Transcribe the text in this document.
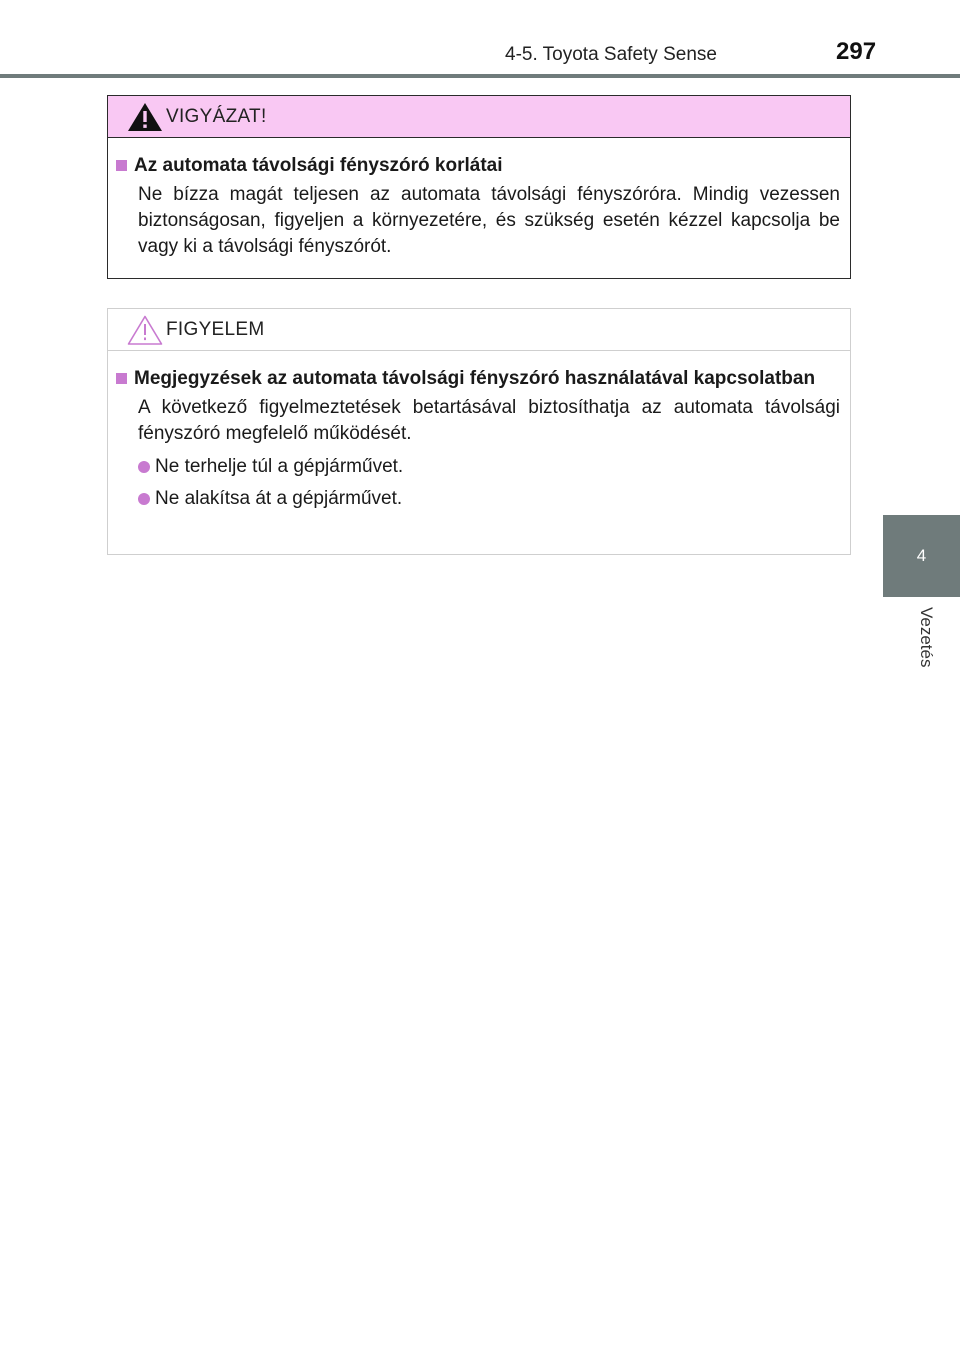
4-5. Toyota Safety Sense	297
4
Vezetés
VIGYÁZAT!
Az automata távolsági fényszóró korlátai

Ne bízza magát teljesen az automata távolsági fényszóróra. Mindig vezessen biztonságosan, figyeljen a környezetére, és szükség esetén kézzel kapcsolja be vagy ki a távolsági fényszórót.

FIGYELEM
Megjegyzések az automata távolsági fényszóró használatával kapcsolatban

A következő figyelmeztetések betartásával biztosíthatja az automata távolsági fényszóró megfelelő működését.

Ne terhelje túl a gépjárművet.
Ne alakítsa át a gépjárművet.
